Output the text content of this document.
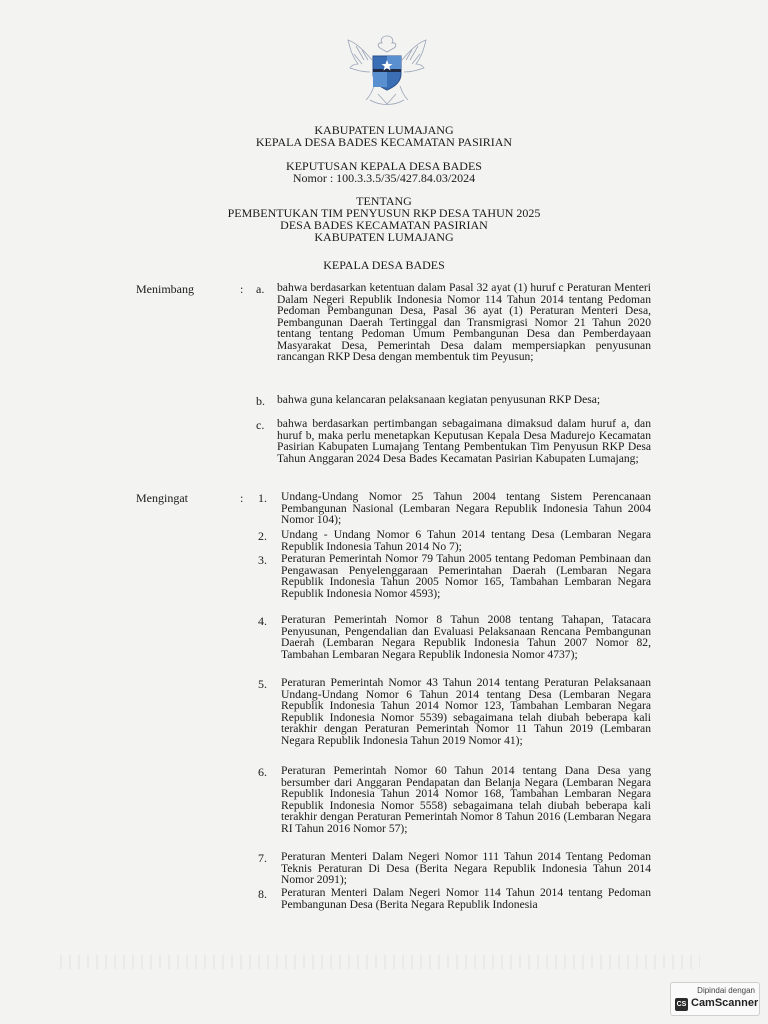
KABUPATEN LUMAJANG
KEPALA DESA BADES KECAMATAN PASIRIAN
KEPUTUSAN KEPALA DESA BADES
Nomor : 100.3.3.5/35/427.84.03/2024
TENTANG
PEMBENTUKAN TIM PENYUSUN RKP DESA TAHUN 2025
DESA BADES KECAMATAN PASIRIAN
KABUPATEN LUMAJANG
KEPALA DESA BADES
Menimbang	: a. bahwa berdasarkan ketentuan dalam Pasal 32 ayat (1) huruf c Peraturan Menteri Dalam Negeri Republik Indonesia Nomor 114 Tahun 2014 tentang Pedoman Pedoman Pembangunan Desa, Pasal 36 ayat (1) Peraturan Menteri Desa, Pembangunan Daerah Tertinggal dan Transmigrasi Nomor 21 Tahun 2020 tentang tentang Pedoman Umum Pembangunan Desa dan Pemberdayaan Masyarakat Desa, Pemerintah Desa dalam mempersiapkan penyusunan rancangan RKP Desa dengan membentuk tim Peyusun;
b. bahwa guna kelancaran pelaksanaan kegiatan penyusunan RKP Desa;
c. bahwa berdasarkan pertimbangan sebagaimana dimaksud dalam huruf a, dan huruf b, maka perlu menetapkan Keputusan Kepala Desa Madurejo Kecamatan Pasirian Kabupaten Lumajang Tentang Pembentukan Tim Penyusun RKP Desa Tahun Anggaran 2024 Desa Bades Kecamatan Pasirian Kabupaten Lumajang;
Mengingat	: 1. Undang-Undang Nomor 25 Tahun 2004 tentang Sistem Perencanaan Pembangunan Nasional (Lembaran Negara Republik Indonesia Tahun 2004 Nomor 104);
2. Undang - Undang Nomor 6 Tahun 2014 tentang Desa (Lembaran Negara Republik Indonesia Tahun 2014 No 7);
3. Peraturan Pemerintah Nomor 79 Tahun 2005 tentang Pedoman Pembinaan dan Pengawasan Penyelenggaraan Pemerintahan Daerah (Lembaran Negara Republik Indonesia Tahun 2005 Nomor 165, Tambahan Lembaran Negara Republik Indonesia Nomor 4593);
4. Peraturan Pemerintah Nomor 8 Tahun 2008 tentang Tahapan, Tatacara Penyusunan, Pengendalian dan Evaluasi Pelaksanaan Rencana Pembangunan Daerah (Lembaran Negara Republik Indonesia Tahun 2007 Nomor 82, Tambahan Lembaran Negara Republik Indonesia Nomor 4737);
5. Peraturan Pemerintah Nomor 43 Tahun 2014 tentang Peraturan Pelaksanaan Undang-Undang Nomor 6 Tahun 2014 tentang Desa (Lembaran Negara Republik Indonesia Tahun 2014 Nomor 123, Tambahan Lembaran Negara Republik Indonesia Nomor 5539) sebagaimana telah diubah beberapa kali terakhir dengan Peraturan Pemerintah Nomor 11 Tahun 2019 (Lembaran Negara Republik Indonesia Tahun 2019 Nomor 41);
6. Peraturan Pemerintah Nomor 60 Tahun 2014 tentang Dana Desa yang bersumber dari Anggaran Pendapatan dan Belanja Negara (Lembaran Negara Republik Indonesia Tahun 2014 Nomor 168, Tambahan Lembaran Negara Republik Indonesia Nomor 5558) sebagaimana telah diubah beberapa kali terakhir dengan Peraturan Pemerintah Nomor 8 Tahun 2016 (Lembaran Negara RI Tahun 2016 Nomor 57);
7. Peraturan Menteri Dalam Negeri Nomor 111 Tahun 2014 Tentang Pedoman Teknis Peraturan Di Desa (Berita Negara Republik Indonesia Tahun 2014 Nomor 2091);
8. Peraturan Menteri Dalam Negeri Nomor 114 Tahun 2014 tentang Pedoman Pembangunan Desa (Berita Negara Republik Indonesia
Dipindai dengan
CS CamScanner
